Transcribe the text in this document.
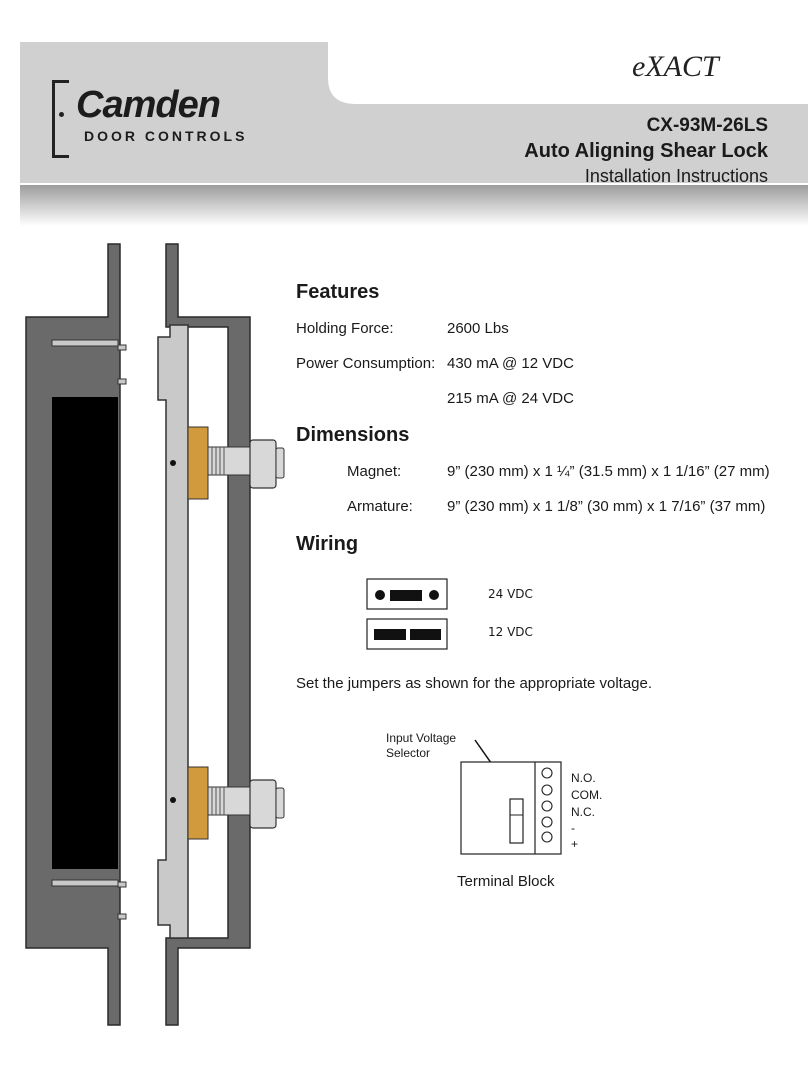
Camden
DOOR CONTROLS
eXACT
CX-93M-26LS
Auto Aligning Shear Lock
Installation Instructions
Features
Holding Force:	2600 Lbs
Power Consumption: 430 mA @ 12 VDC
215 mA @ 24 VDC
Dimensions
Magnet:	9” (230 mm) x 1 ¼” (31.5 mm) x 1 1/16” (27 mm)
Armature: 9” (230 mm) x 1 1/8” (30 mm) x 1 7/16” (37 mm)
Wiring
24 VDC
12 VDC
Set the jumpers as shown for the appropriate voltage.
Input Voltage
Selector
N.O.
COM.
N.C.
-
+
Terminal Block
